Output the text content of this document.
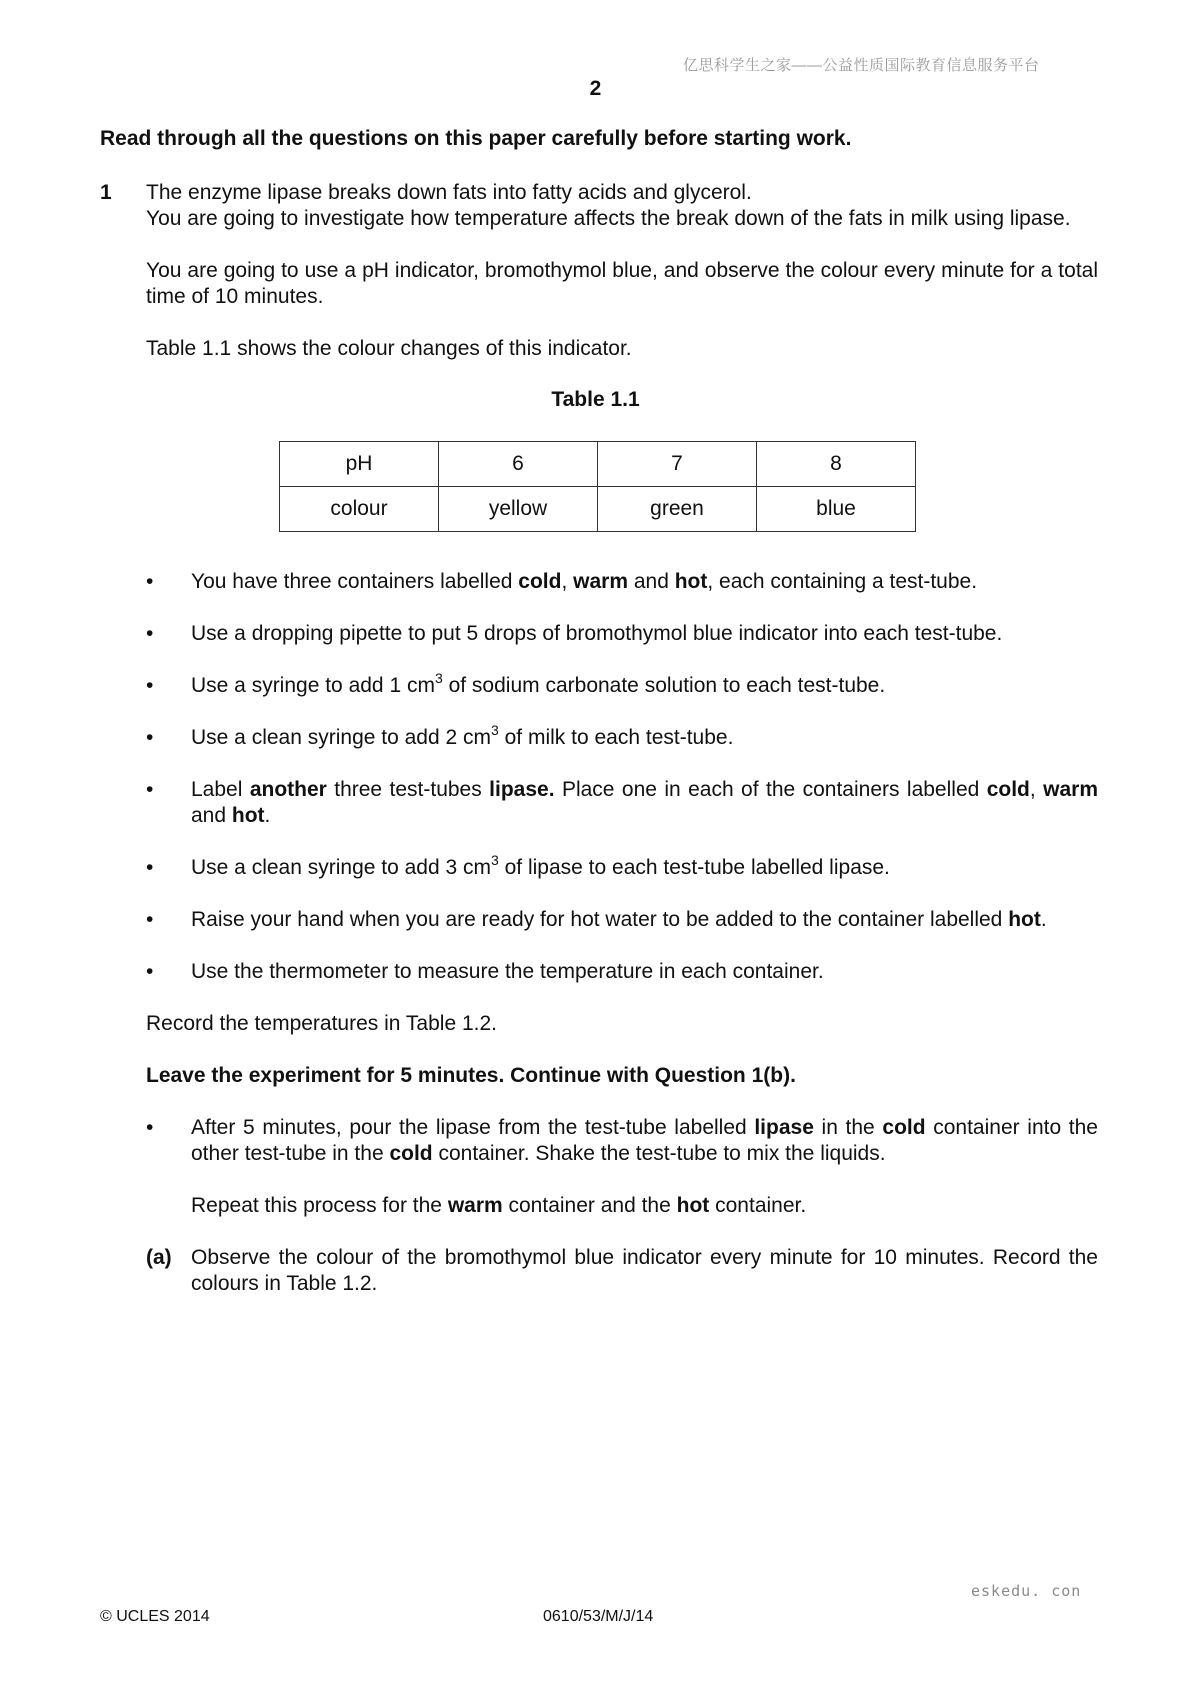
亿思科学生之家——公益性质国际教育信息服务平台
2
Read through all the questions on this paper carefully before starting work.
1 The enzyme lipase breaks down fats into fatty acids and glycerol.
You are going to investigate how temperature affects the break down of the fats in milk using lipase.
You are going to use a pH indicator, bromothymol blue, and observe the colour every minute for a total time of 10 minutes.
Table 1.1 shows the colour changes of this indicator.
Table 1.1
pH	6	7	8
colour	yellow	green	blue
• You have three containers labelled cold, warm and hot, each containing a test-tube.
• Use a dropping pipette to put 5 drops of bromothymol blue indicator into each test-tube.
• Use a syringe to add 1 $cm^3$ of sodium carbonate solution to each test-tube.
• Use a clean syringe to add 2 $cm^3$ of milk to each test-tube.
• Label another three test-tubes lipase. Place one in each of the containers labelled cold, warm and hot.
• Use a clean syringe to add 3 $cm^3$ of lipase to each test-tube labelled lipase.
• Raise your hand when you are ready for hot water to be added to the container labelled hot.
• Use the thermometer to measure the temperature in each container.
Record the temperatures in Table 1.2.
Leave the experiment for 5 minutes. Continue with Question 1(b).
• After 5 minutes, pour the lipase from the test-tube labelled lipase in the cold container into the other test-tube in the cold container. Shake the test-tube to mix the liquids.
Repeat this process for the warm container and the hot container.
(a) Observe the colour of the bromothymol blue indicator every minute for 10 minutes. Record the colours in Table 1.2.
eskedu. con
© UCLES 2014	0610/53/M/J/14
